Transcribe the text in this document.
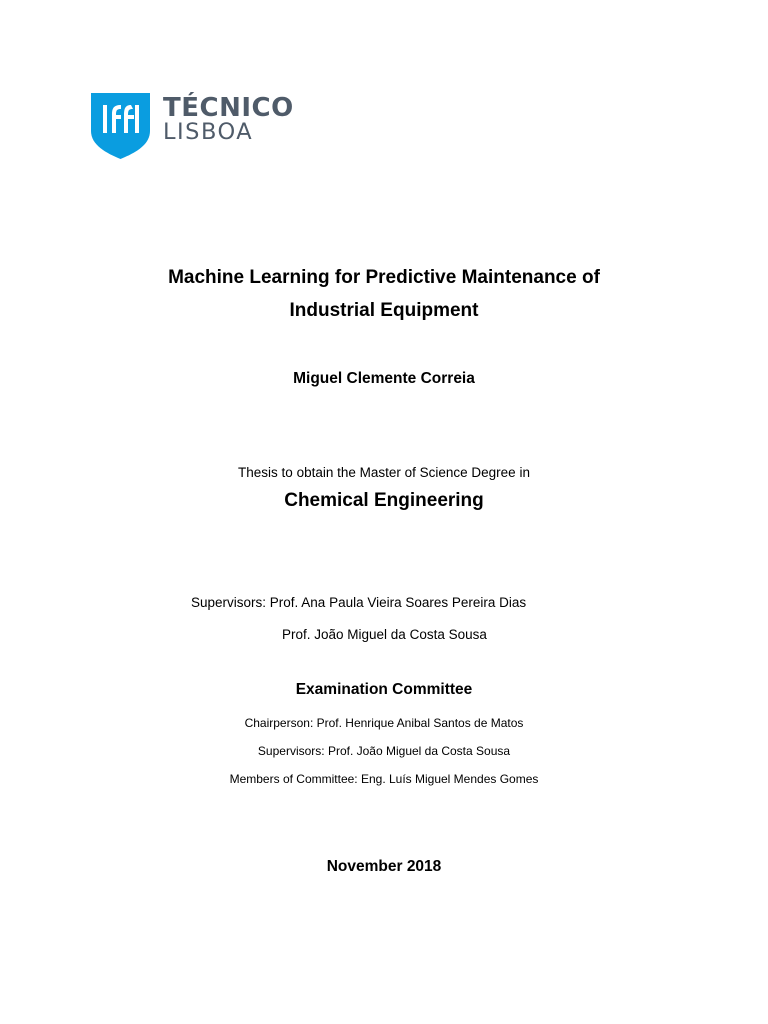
TÉCNICO
LISBOA
Machine Learning for Predictive Maintenance of
Industrial Equipment
Miguel Clemente Correia
Thesis to obtain the Master of Science Degree in
Chemical Engineering
Supervisors: Prof. Ana Paula Vieira Soares Pereira Dias
Prof. João Miguel da Costa Sousa
Examination Committee
Chairperson: Prof. Henrique Anibal Santos de Matos
Supervisors: Prof. João Miguel da Costa Sousa
Members of Committee: Eng. Luís Miguel Mendes Gomes
November 2018
